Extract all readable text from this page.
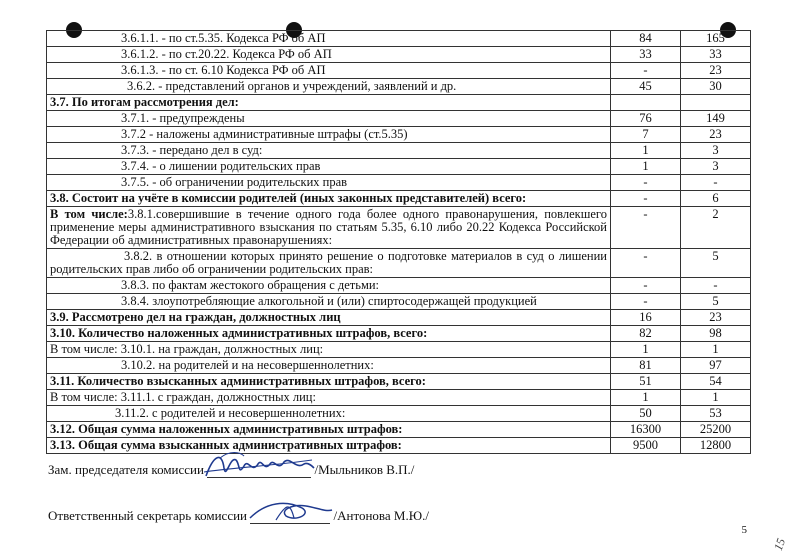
3.6.1.1. - по ст.5.35. Кодекса РФ об АП	84	165
3.6.1.2. - по ст.20.22. Кодекса РФ об АП	33	33
3.6.1.3. - по ст. 6.10 Кодекса РФ об АП	-	23
3.6.2. - представлений органов и учреждений, заявлений и др.	45	30
3.7. По итогам рассмотрения дел:		
3.7.1. - предупреждены	76	149
3.7.2 - наложены административные штрафы (ст.5.35)	7	23
3.7.3. - передано дел в суд:	1	3
3.7.4. - о лишении родительских прав	1	3
3.7.5. - об ограничении родительских прав	-	-
3.8. Состоит на учёте в комиссии родителей (иных законных представителей) всего:	-	6
В том числе:3.8.1.совершившие в течение одного года более одного правонарушения, повлекшего применение меры административного взыскания по статьям 5.35, 6.10 либо 20.22 Кодекса Российской Федерации об административных правонарушениях:	-	2
3.8.2. в отношении которых принято решение о подготовке материалов в суд о лишении родительских прав либо об ограничении родительских прав:	-	5
3.8.3. по фактам жестокого обращения с детьми:	-	-
3.8.4. злоупотребляющие алкогольной и (или) спиртосодержащей продукцией	-	5
3.9. Рассмотрено дел на граждан, должностных лиц	16	23
3.10. Количество наложенных административных штрафов, всего:	82	98
В том числе: 3.10.1. на граждан, должностных лиц:	1	1
3.10.2. на родителей и на несовершеннолетних:	81	97
3.11. Количество взысканных административных штрафов, всего:	51	54
В том числе: 3.11.1. с граждан, должностных лиц:	1	1
3.11.2. с родителей и несовершеннолетних:	50	53
3.12. Общая сумма наложенных административных штрафов:	16300	25200
3.13. Общая сумма взысканных административных штрафов:	9500	12800
Зам. председателя комиссии	/Мыльников В.П./
Ответственный секретарь комиссии	/Антонова М.Ю./
5
15
